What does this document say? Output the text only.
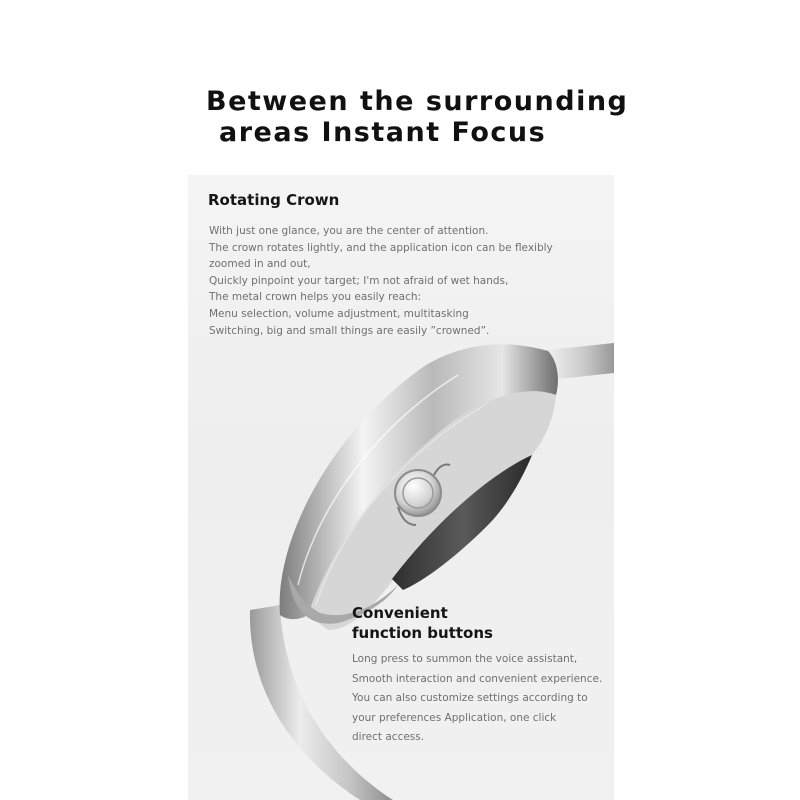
Between the surrounding
areas Instant Focus
Rotating Crown
With just one glance, you are the center of attention.
The crown rotates lightly, and the application icon can be flexibly
zoomed in and out,
Quickly pinpoint your target; I'm not afraid of wet hands,
The metal crown helps you easily reach:
Menu selection, volume adjustment, multitasking
Switching, big and small things are easily ”crowned”.
Convenient
function buttons
Long press to summon the voice assistant,
Smooth interaction and convenient experience.
You can also customize settings according to
your preferences Application, one click
direct access.
